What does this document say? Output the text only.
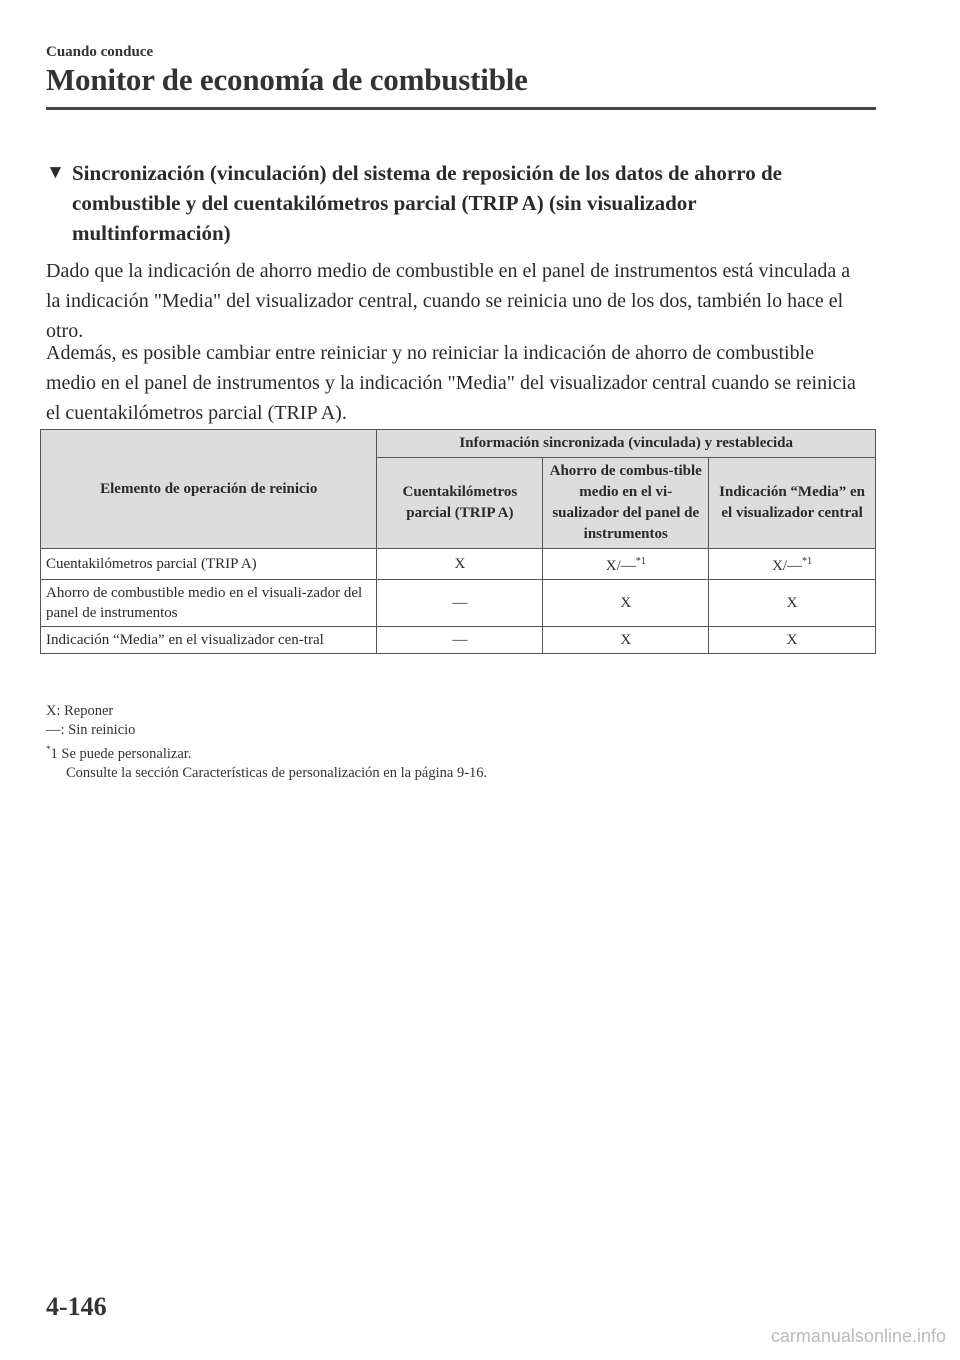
Cuando conduce
Monitor de economía de combustible
▼ Sincronización (vinculación) del sistema de reposición de los datos de ahorro de combustible y del cuentakilómetros parcial (TRIP A) (sin visualizador multinformación)

Dado que la indicación de ahorro medio de combustible en el panel de instrumentos está vinculada a la indicación "Media" del visualizador central, cuando se reinicia uno de los dos, también lo hace el otro.

Además, es posible cambiar entre reiniciar y no reiniciar la indicación de ahorro de combustible medio en el panel de instrumentos y la indicación "Media" del visualizador central cuando se reinicia el cuentakilómetros parcial (TRIP A).

Elemento de operación de reinicio	Información sincronizada (vinculada) y restablecida		
	Cuentakilómetros parcial (TRIP A)	Ahorro de combus-tible medio en el vi-sualizador del panel de instrumentos	Indicación “Media” en el visualizador central
Cuentakilómetros parcial (TRIP A)	X	X/—$^{*1}$	X/—$^{*1}$
Ahorro de combustible medio en el visuali-zador del panel de instrumentos	—	X	X
Indicación “Media” en el visualizador cen-tral	—	X	X
X: Reponer
—: Sin reinicio
*1 Se puede personalizar.
Consulte la sección Características de personalización en la página 9-16.
4-146
carmanualsonline.info
